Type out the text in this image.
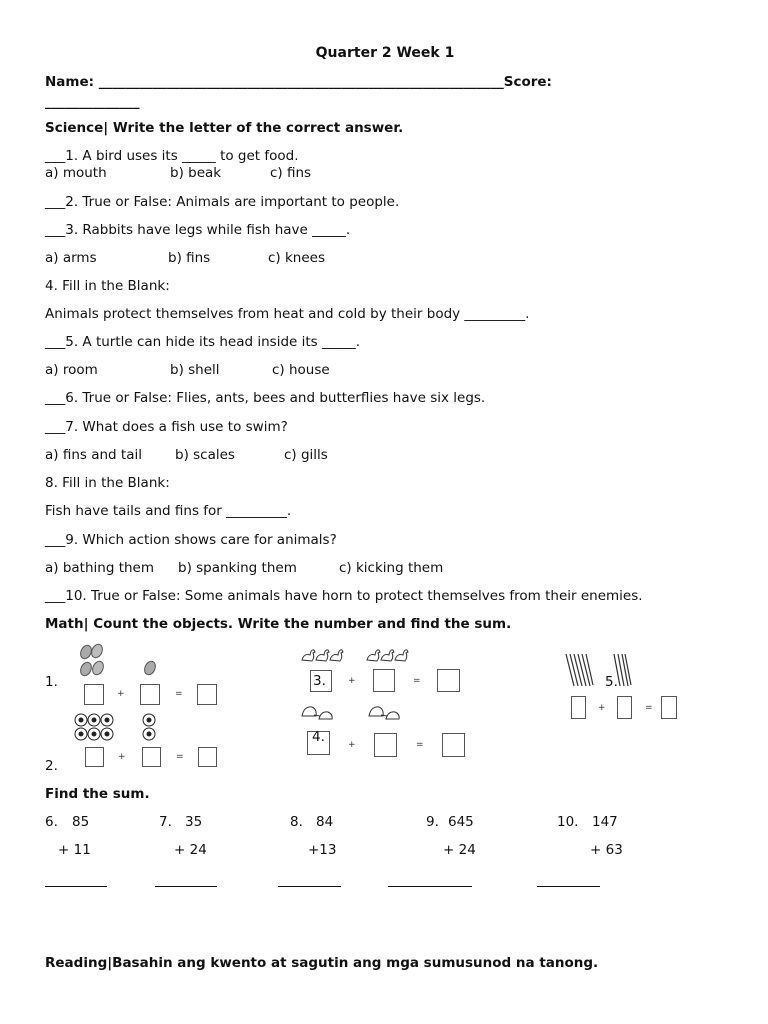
Quarter 2 Week 1
Name: ____________________________________________________________Score:
______________
Science| Write the letter of the correct answer.
___1. A bird uses its _____ to get food.
a) mouth	b) beak	c) fins
___2. True or False: Animals are important to people.
___3. Rabbits have legs while fish have _____.
a) arms	b) fins	c) knees
4. Fill in the Blank:
Animals protect themselves from heat and cold by their body _________.
___5. A turtle can hide its head inside its _____.
a) room	b) shell	c) house
___6. True or False: Flies, ants, bees and butterflies have six legs.
___7. What does a fish use to swim?
a) fins and tail b) scales	c) gills
8. Fill in the Blank:
Fish have tails and fins for _________.
___9. Which action shows care for animals?
a) bathing them b) spanking them	c) kicking them
___10. True or False: Some animals have horn to protect themselves from their enemies.
Math| Count the objects. Write the number and find the sum.
1.
+	=
2.
+	=
3. +	=
4.	+	=
5.
+	=
Find the sum.
6. 85
+ 11
7. 35
+ 24
8. 84
+13
9. 645
+ 24
10. 147
+ 63
Reading|Basahin ang kwento at sagutin ang mga sumusunod na tanong.
